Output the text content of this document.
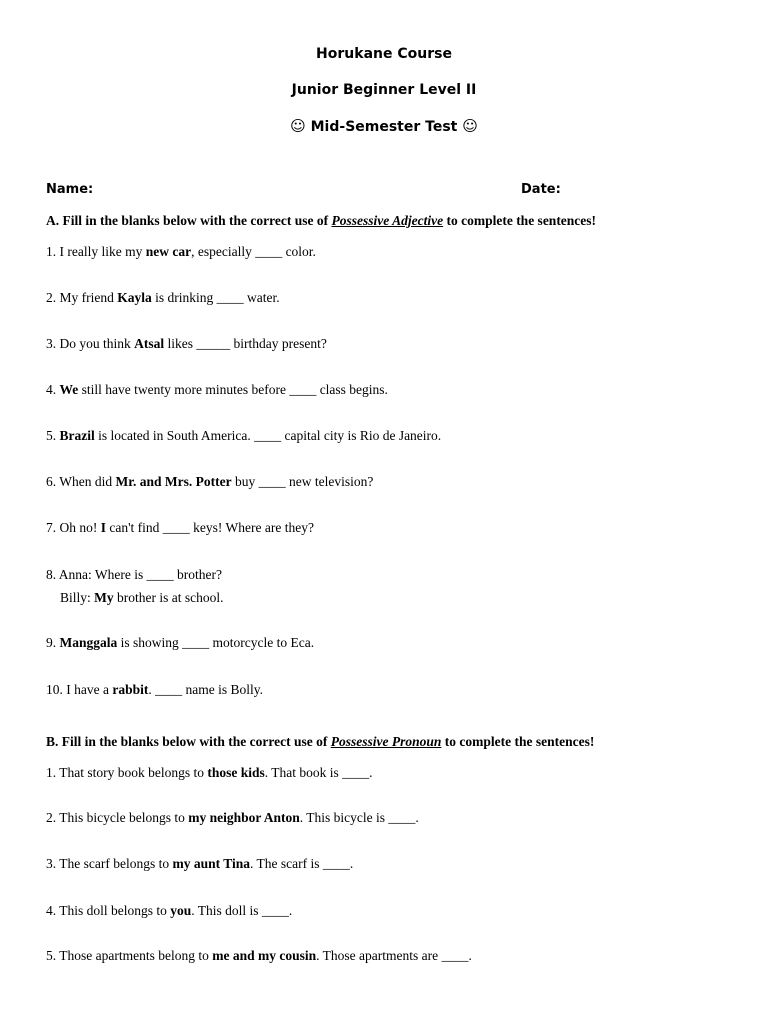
Horukane Course
Junior Beginner Level II
☺ Mid-Semester Test ☺
Name:	Date:
A. Fill in the blanks below with the correct use of Possessive Adjective to complete the sentences!
1. I really like my new car, especially ____ color.
2. My friend Kayla is drinking ____ water.
3. Do you think Atsal likes _____ birthday present?
4. We still have twenty more minutes before ____ class begins.
5. Brazil is located in South America. ____ capital city is Rio de Janeiro.
6. When did Mr. and Mrs. Potter buy ____ new television?
7. Oh no! I can't find ____ keys! Where are they?
8. Anna: Where is ____ brother?
Billy: My brother is at school.
9. Manggala is showing ____ motorcycle to Eca.
10. I have a rabbit. ____ name is Bolly.
B. Fill in the blanks below with the correct use of Possessive Pronoun to complete the sentences!
1. That story book belongs to those kids. That book is ____.
2. This bicycle belongs to my neighbor Anton. This bicycle is ____.
3. The scarf belongs to my aunt Tina. The scarf is ____.
4. This doll belongs to you. This doll is ____.
5. Those apartments belong to me and my cousin. Those apartments are ____.
